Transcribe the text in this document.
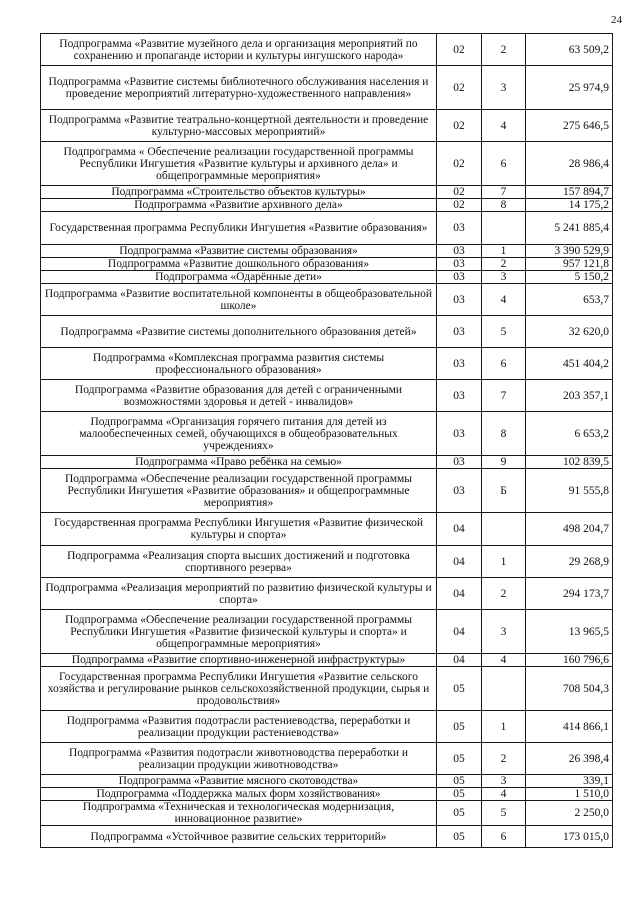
24
Подпрограмма «Развитие музейного дела и организация мероприятий по сохранению и пропаганде истории и культуры ингушского народа»	02	2	63 509,2
Подпрограмма «Развитие системы библиотечного обслуживания населения и проведение мероприятий литературно-художественного направления»	02	3	25 974,9
Подпрограмма «Развитие театрально-концертной деятельности и проведение культурно-массовых мероприятий»	02	4	275 646,5
Подпрограмма « Обеспечение реализации государственной программы Республики Ингушетия «Развитие культуры и архивного дела» и общепрограммные мероприятия»	02	6	28 986,4
Подпрограмма «Строительство объектов культуры»	02	7	157 894,7
Подпрограмма «Развитие архивного дела»	02	8	14 175,2
Государственная программа Республики Ингушетия «Развитие образования»	03		5 241 885,4
Подпрограмма «Развитие системы образования»	03	1	3 390 529,9
Подпрограмма «Развитие дошкольного образования»	03	2	957 121,8
Подпрограмма «Одарённые дети»	03	3	5 150,2
Подпрограмма «Развитие воспитательной компоненты в общеобразовательной школе»	03	4	653,7
Подпрограмма «Развитие системы дополнительного образования детей»	03	5	32 620,0
Подпрограмма «Комплексная программа развития системы профессионального образования»	03	6	451 404,2
Подпрограмма «Развитие образования для детей с ограниченными возможностями здоровья и детей - инвалидов»	03	7	203 357,1
Подпрограмма «Организация горячего питания для детей из малообеспеченных семей, обучающихся в общеобразовательных учреждениях»	03	8	6 653,2
Подпрограмма «Право ребёнка на семью»	03	9	102 839,5
Подпрограмма «Обеспечение реализации государственной программы Республики Ингушетия «Развитие образования» и общепрограммные мероприятия»	03	Б	91 555,8
Государственная программа Республики Ингушетия «Развитие физической культуры и спорта»	04		498 204,7
Подпрограмма «Реализация спорта высших достижений и подготовка спортивного резерва»	04	1	29 268,9
Подпрограмма «Реализация мероприятий по развитию физической культуры и спорта»	04	2	294 173,7
Подпрограмма «Обеспечение реализации государственной программы Республики Ингушетия «Развитие физической культуры и спорта» и общепрограммные мероприятия»	04	3	13 965,5
Подпрограмма «Развитие спортивно-инженерной инфраструктуры»	04	4	160 796,6
Государственная программа Республики Ингушетия «Развитие сельского хозяйства и регулирование рынков сельскохозяйственной продукции, сырья и продовольствия»	05		708 504,3
Подпрограмма «Развития подотрасли растениеводства, переработки и реализации продукции растениеводства»	05	1	414 866,1
Подпрограмма «Развития подотрасли животноводства переработки и реализации продукции животноводства»	05	2	26 398,4
Подпрограмма «Развитие мясного скотоводства»	05	3	339,1
Подпрограмма «Поддержка малых форм хозяйствования»	05	4	1 510,0
Подпрограмма «Техническая и технологическая модернизация, инновационное развитие»	05	5	2 250,0
Подпрограмма «Устойчивое развитие сельских территорий»	05	6	173 015,0
